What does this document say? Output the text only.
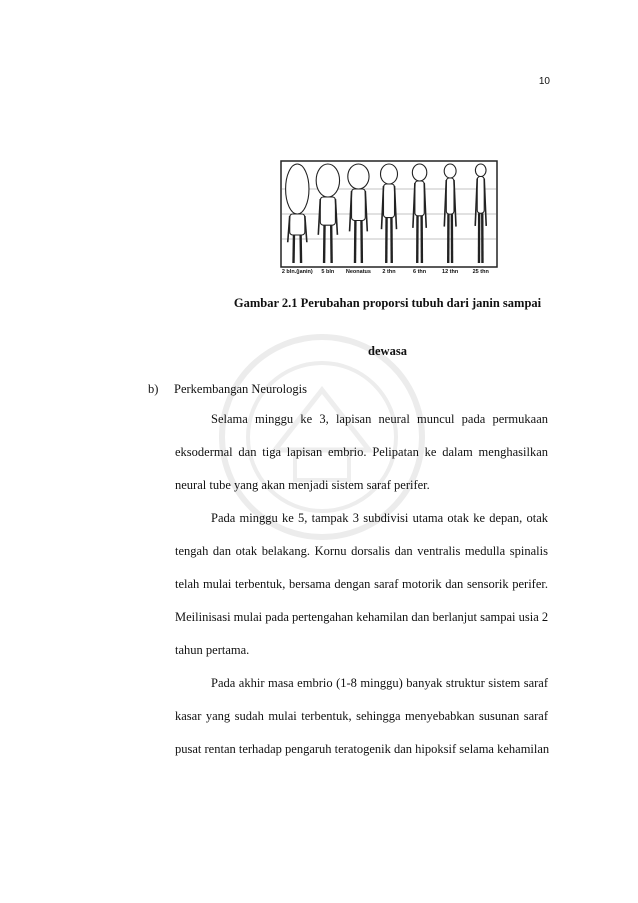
10
2 bln.(janin) 5 bln Neonatus 2 thn	6 thn	12 thn	25 thn
Gambar 2.1 Perubahan proporsi tubuh dari janin sampai
dewasa
b) Perkembangan Neurologis
Selama minggu ke 3, lapisan neural muncul pada permukaan
eksodermal dan tiga lapisan embrio. Pelipatan ke dalam menghasilkan
neural tube yang akan menjadi sistem saraf perifer.
Pada minggu ke 5, tampak 3 subdivisi utama otak ke depan, otak
tengah dan otak belakang. Kornu dorsalis dan ventralis medulla spinalis
telah mulai terbentuk, bersama dengan saraf motorik dan sensorik perifer.
Meilinisasi mulai pada pertengahan kehamilan dan berlanjut sampai usia 2
tahun pertama.
Pada akhir masa embrio (1-8 minggu) banyak struktur sistem saraf
kasar yang sudah mulai terbentuk, sehingga menyebabkan susunan saraf
pusat rentan terhadap pengaruh teratogenik dan hipoksif selama kehamilan
